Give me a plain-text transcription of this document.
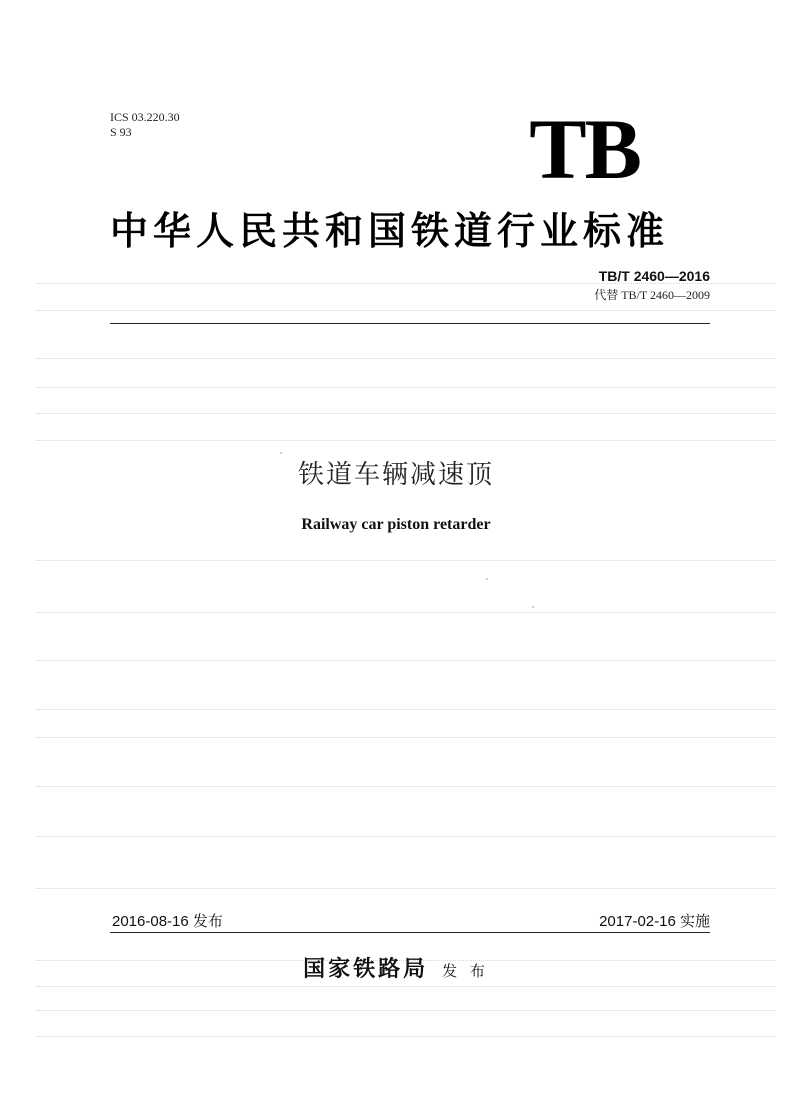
ICS 03.220.30
S 93	TB
中华人民共和国铁道行业标准
TB/T 2460—2016
代替 TB/T 2460—2009
铁道车辆减速顶
Railway car piston retarder
2016-08-16 发布	2017-02-16 实施
国家铁路局 发 布
